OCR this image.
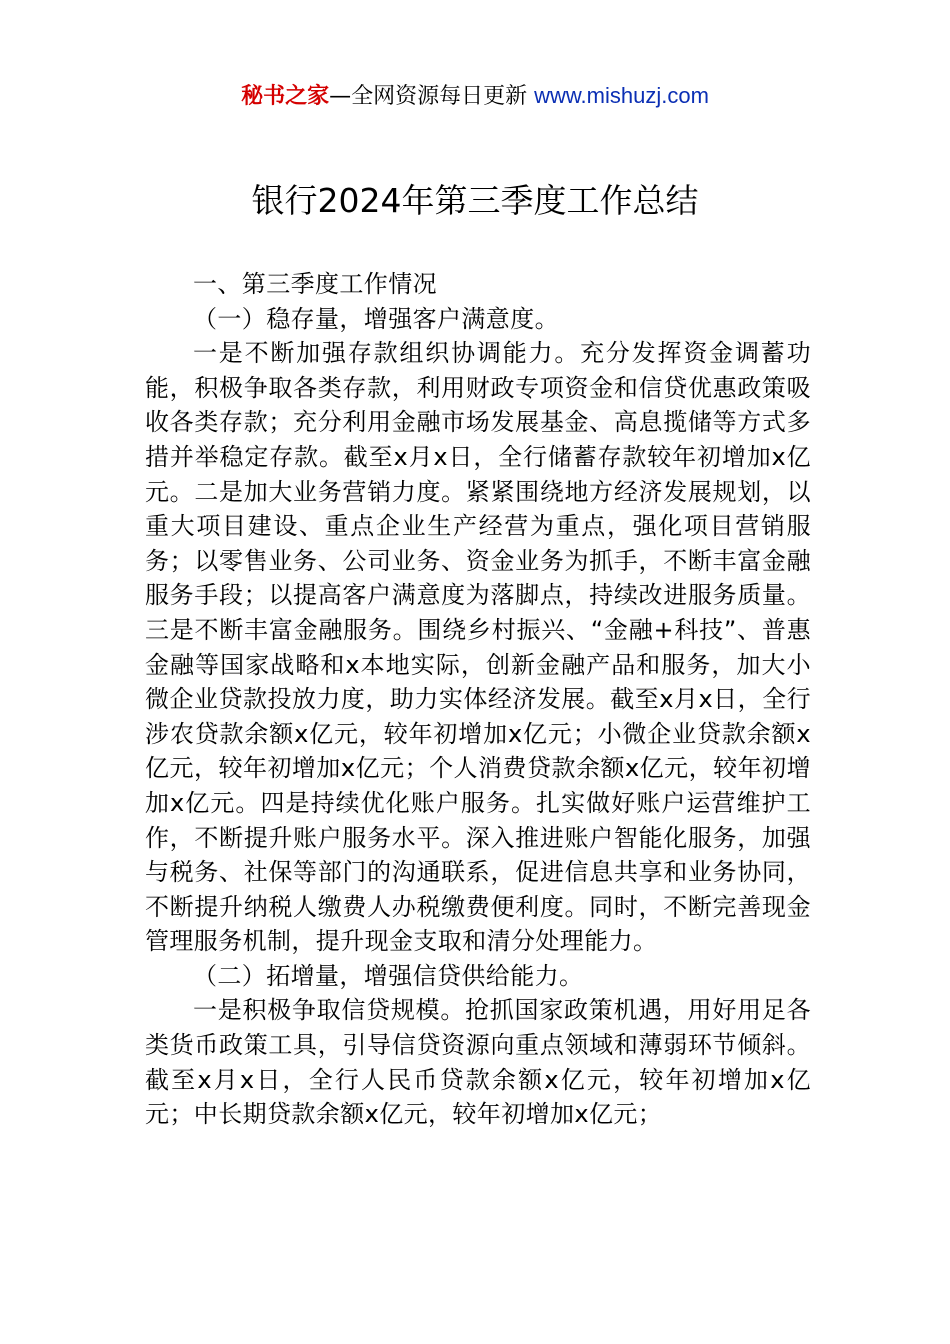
秘书之家—全网资源每日更新 www.mishuzj.com
银行2024年第三季度工作总结

一、第三季度工作情况

（一）稳存量，增强客户满意度。

一是不断加强存款组织协调能力。充分发挥资金调蓄功能，积极争取各类存款，利用财政专项资金和信贷优惠政策吸收各类存款；充分利用金融市场发展基金、高息揽储等方式多措并举稳定存款。截至x月x日，全行储蓄存款较年初增加x亿元。二是加大业务营销力度。紧紧围绕地方经济发展规划，以重大项目建设、重点企业生产经营为重点，强化项目营销服务；以零售业务、公司业务、资金业务为抓手，不断丰富金融服务手段；以提高客户满意度为落脚点，持续改进服务质量。三是不断丰富金融服务。围绕乡村振兴、“金融+科技”、普惠金融等国家战略和x本地实际，创新金融产品和服务，加大小微企业贷款投放力度，助力实体经济发展。截至x月x日，全行涉农贷款余额x亿元，较年初增加x亿元；小微企业贷款余额x亿元，较年初增加x亿元；个人消费贷款余额x亿元，较年初增加x亿元。四是持续优化账户服务。扎实做好账户运营维护工作，不断提升账户服务水平。深入推进账户智能化服务，加强与税务、社保等部门的沟通联系，促进信息共享和业务协同，不断提升纳税人缴费人办税缴费便利度。同时，不断完善现金管理服务机制，提升现金支取和清分处理能力。

（二）拓增量，增强信贷供给能力。

一是积极争取信贷规模。抢抓国家政策机遇，用好用足各类货币政策工具，引导信贷资源向重点领域和薄弱环节倾斜。截至x月x日，全行人民币贷款余额x亿元，较年初增加x亿元；中长期贷款余额x亿元，较年初增加x亿元；
